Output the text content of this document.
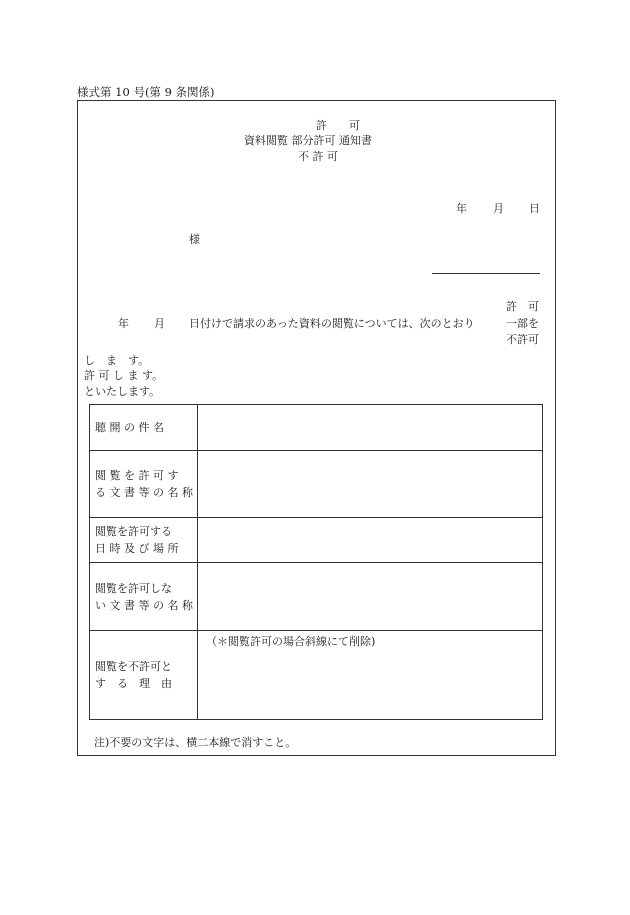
様式第 10 号(第 9 条関係)
許　　可
資料閲覧 部分許可 通知書
不 許 可
年 月 日
様
許　可
一部を
不許可
年 月 日付けで請求のあった資料の閲覧については、次のとおり
し　ま　す。
許 可 し ま す。
といたします。
聴 開 の 件 名	

閲 覧 を 許 可 す
る 文 書 等 の 名 称	

閲覧を許可する
日 時 及 び 場 所	

閲覧を許可しな
い 文 書 等 の 名 称	

閲覧を不許可と
す　る　理　由	（＊閲覧許可の場合斜線にて削除)
注)不要の文字は、横二本線で消すこと。
